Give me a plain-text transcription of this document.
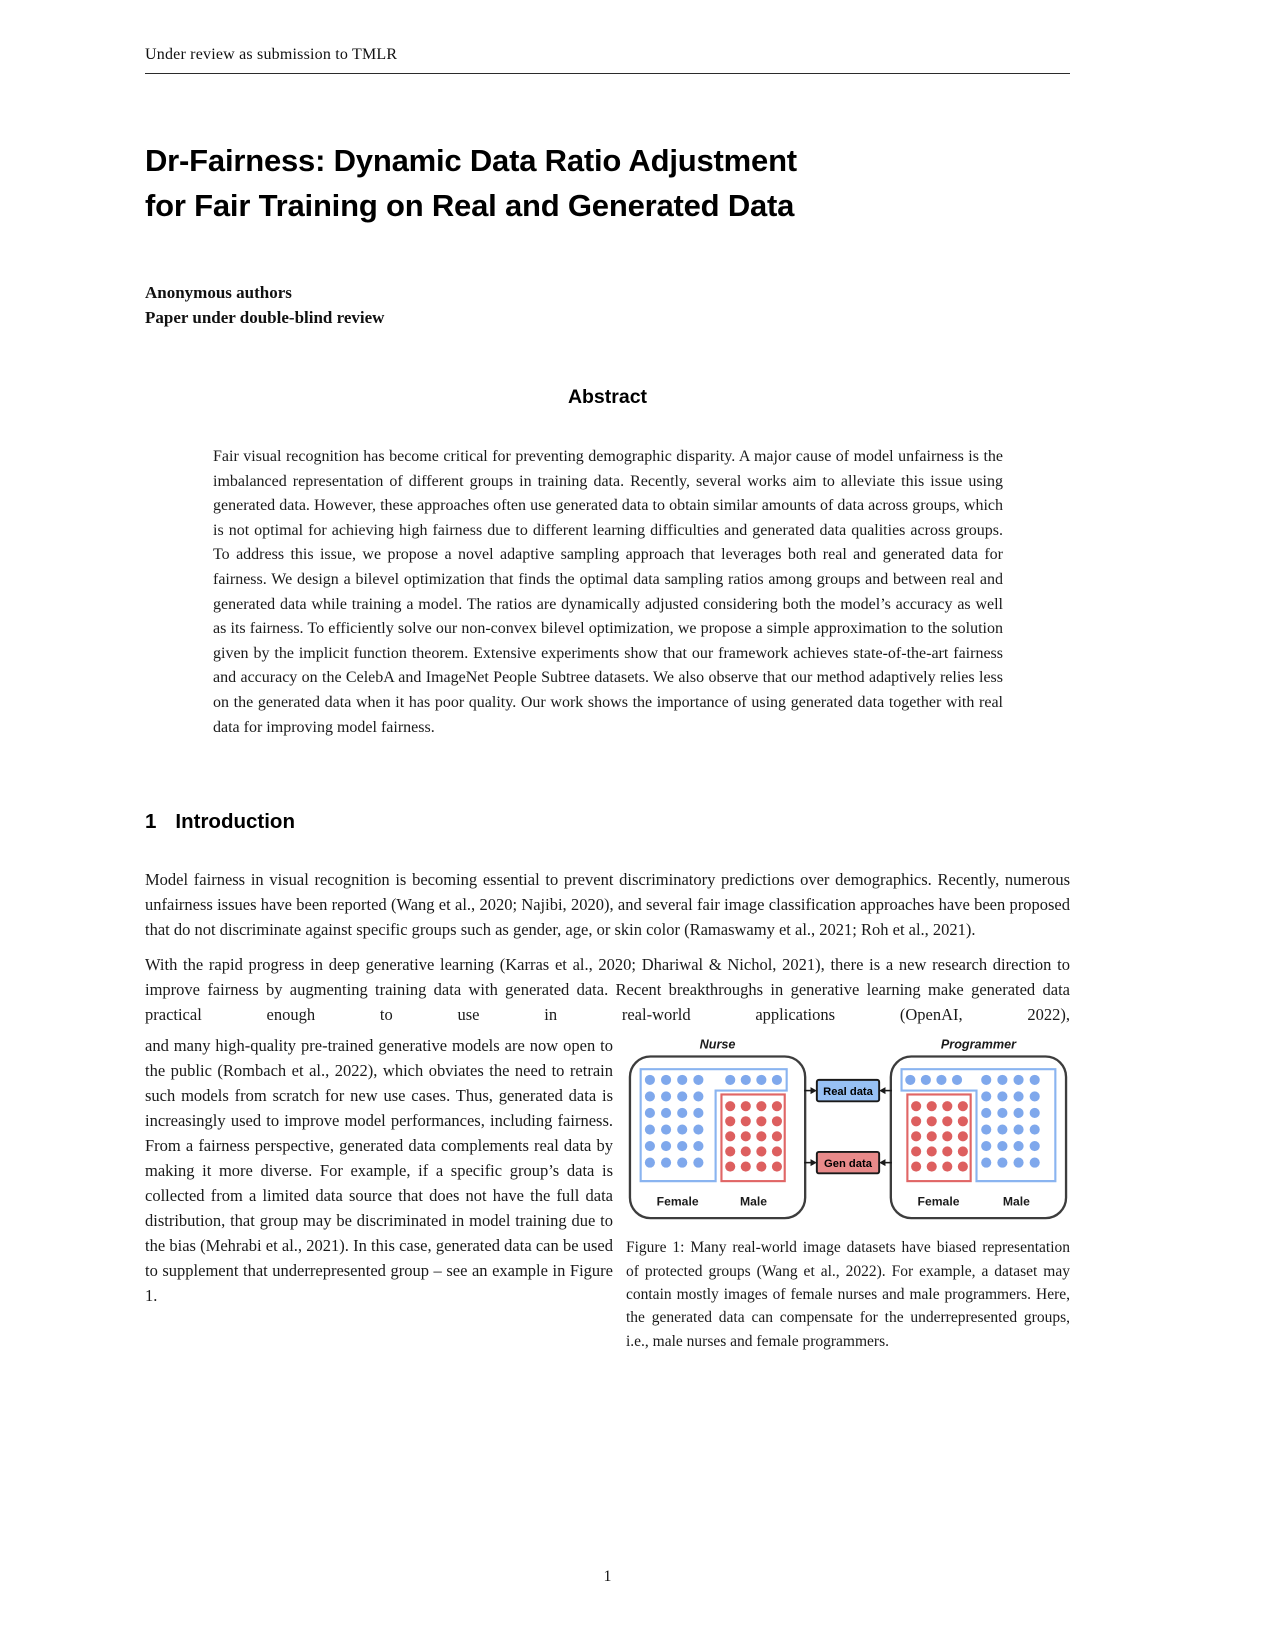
Under review as submission to TMLR
Dr-Fairness: Dynamic Data Ratio Adjustment
for Fair Training on Real and Generated Data
Anonymous authors
Paper under double-blind review
Abstract

Fair visual recognition has become critical for preventing demographic disparity. A major cause of model unfairness is the imbalanced representation of different groups in training data. Recently, several works aim to alleviate this issue using generated data. However, these approaches often use generated data to obtain similar amounts of data across groups, which is not optimal for achieving high fairness due to different learning difficulties and generated data qualities across groups. To address this issue, we propose a novel adaptive sampling approach that leverages both real and generated data for fairness. We design a bilevel optimization that finds the optimal data sampling ratios among groups and between real and generated data while training a model. The ratios are dynamically adjusted considering both the model’s accuracy as well as its fairness. To efficiently solve our non-convex bilevel optimization, we propose a simple approximation to the solution given by the implicit function theorem. Extensive experiments show that our framework achieves state-of-the-art fairness and accuracy on the CelebA and ImageNet People Subtree datasets. We also observe that our method adaptively relies less on the generated data when it has poor quality. Our work shows the importance of using generated data together with real data for improving model fairness.

1 Introduction

Model fairness in visual recognition is becoming essential to prevent discriminatory predictions over demographics. Recently, numerous unfairness issues have been reported (Wang et al., 2020; Najibi, 2020), and several fair image classification approaches have been proposed that do not discriminate against specific groups such as gender, age, or skin color (Ramaswamy et al., 2021; Roh et al., 2021).

With the rapid progress in deep generative learning (Karras et al., 2020; Dhariwal & Nichol, 2021), there is a new research direction to improve fairness by augmenting training data with generated data. Recent breakthroughs in generative learning make generated data practical enough to use in real-world applications (OpenAI, 2022),

and many high-quality pre-trained generative models are now open to the public (Rombach et al., 2022), which obviates the need to retrain such models from scratch for new use cases. Thus, generated data is increasingly used to improve model performances, including fairness. From a fairness perspective, generated data complements real data by making it more diverse. For example, if a specific group’s data is collected from a limited data source that does not have the full data distribution, that group may be discriminated in model training due to the bias (Mehrabi et al., 2021). In this case, generated data can be used to supplement that underrepresented group – see an example in Figure 1.

Nurse	Programmer
Female	Male	Female	Male
Real data
Gen data

Figure 1: Many real-world image datasets have biased representation of protected groups (Wang et al., 2022). For example, a dataset may contain mostly images of female nurses and male programmers. Here, the generated data can compensate for the underrepresented groups, i.e., male nurses and female programmers.

1
